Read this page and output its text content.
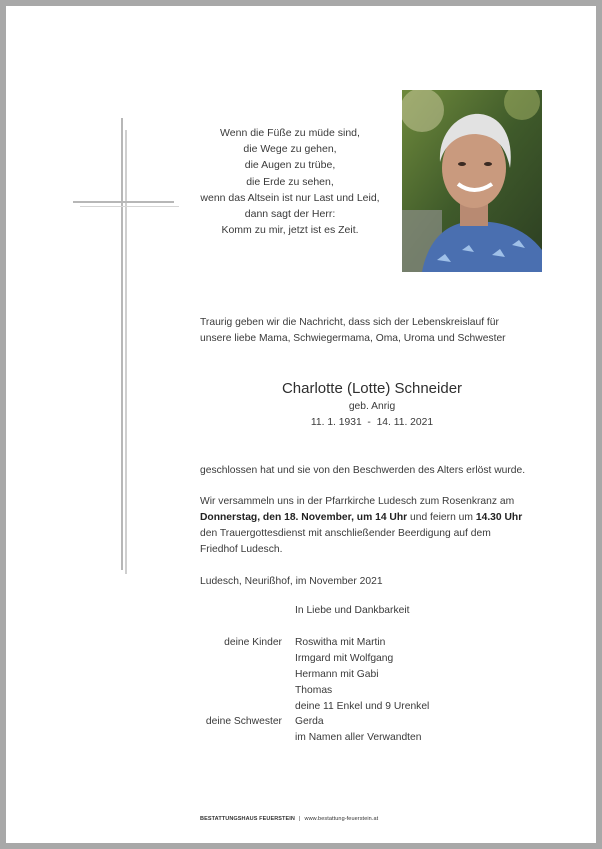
Wenn die Füße zu müde sind,
die Wege zu gehen,
die Augen zu trübe,
die Erde zu sehen,
wenn das Altsein ist nur Last und Leid,
dann sagt der Herr:
Komm zu mir, jetzt ist es Zeit.
Traurig geben wir die Nachricht, dass sich der Lebenskreislauf für
unsere liebe Mama, Schwiegermama, Oma, Uroma und Schwester
Charlotte (Lotte) Schneider
geb. Anrig
11. 1. 1931 - 14. 11. 2021
geschlossen hat und sie von den Beschwerden des Alters erlöst wurde.
Wir versammeln uns in der Pfarrkirche Ludesch zum Rosenkranz am
Donnerstag, den 18. November, um 14 Uhr und feiern um 14.30 Uhr
den Trauergottesdienst mit anschließender Beerdigung auf dem
Friedhof Ludesch.
Ludesch, Neurißhof, im November 2021
In Liebe und Dankbarkeit
deine Kinder Roswitha mit Martin
Irmgard mit Wolfgang
Hermann mit Gabi
Thomas
deine 11 Enkel und 9 Urenkel
deine Schwester Gerda
im Namen aller Verwandten
BESTATTUNGSHAUS FEUERSTEIN | www.bestattung-feuerstein.at
